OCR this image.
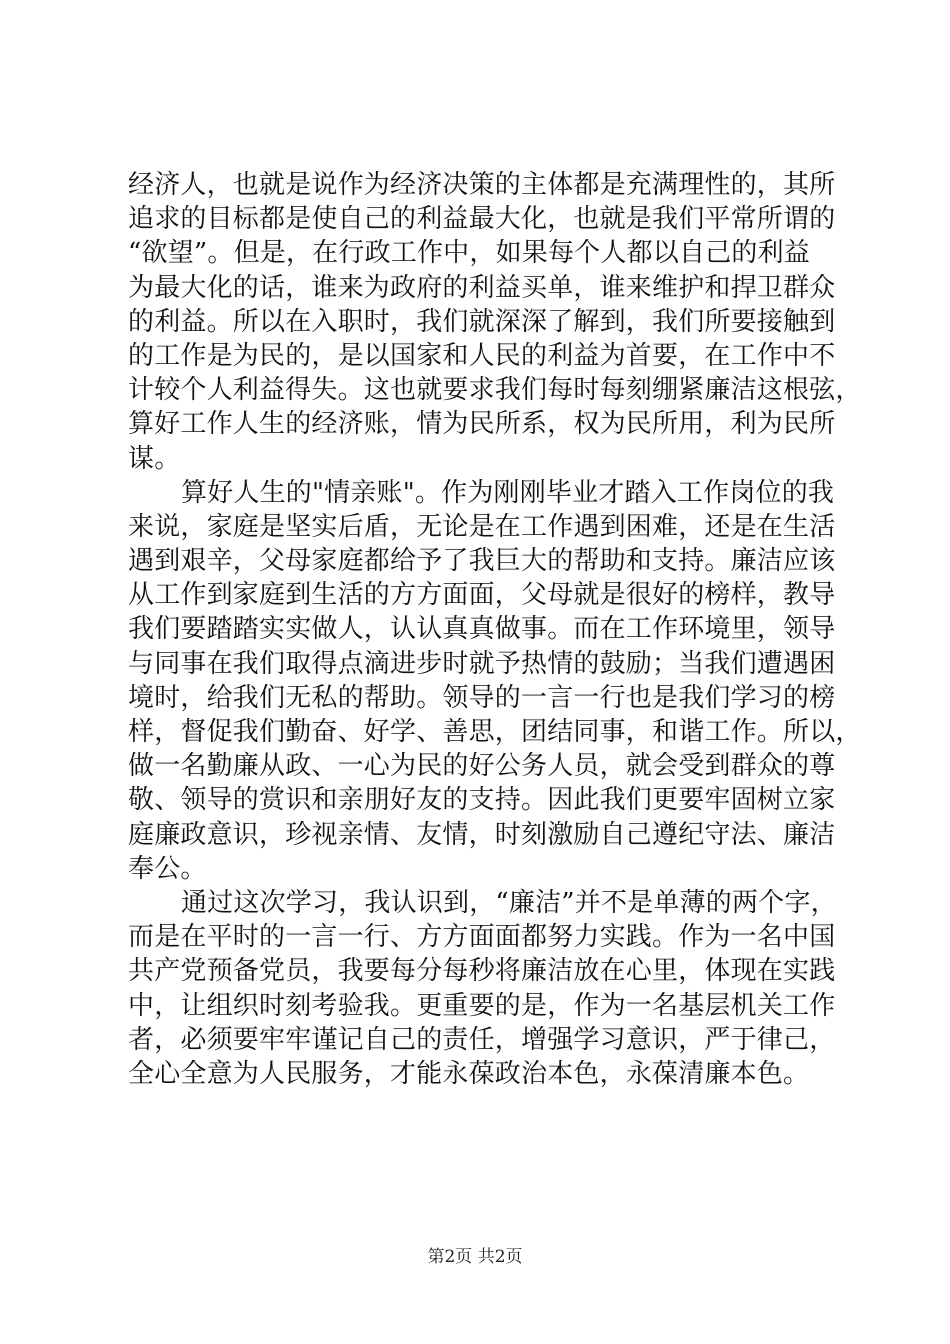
经济人，也就是说作为经济决策的主体都是充满理性的，其所
追求的目标都是使自己的利益最大化，也就是我们平常所谓的
“欲望”。但是，在行政工作中，如果每个人都以自己的利益
为最大化的话，谁来为政府的利益买单，谁来维护和捍卫群众
的利益。所以在入职时，我们就深深了解到，我们所要接触到
的工作是为民的，是以国家和人民的利益为首要，在工作中不
计较个人利益得失。这也就要求我们每时每刻绷紧廉洁这根弦，
算好工作人生的经济账，情为民所系，权为民所用，利为民所
谋。
算好人生的"情亲账"。作为刚刚毕业才踏入工作岗位的我
来说，家庭是坚实后盾，无论是在工作遇到困难，还是在生活
遇到艰辛，父母家庭都给予了我巨大的帮助和支持。廉洁应该
从工作到家庭到生活的方方面面，父母就是很好的榜样，教导
我们要踏踏实实做人，认认真真做事。而在工作环境里，领导
与同事在我们取得点滴进步时就予热情的鼓励；当我们遭遇困
境时，给我们无私的帮助。领导的一言一行也是我们学习的榜
样，督促我们勤奋、好学、善思，团结同事，和谐工作。所以，
做一名勤廉从政、一心为民的好公务人员，就会受到群众的尊
敬、领导的赏识和亲朋好友的支持。因此我们更要牢固树立家
庭廉政意识，珍视亲情、友情，时刻激励自己遵纪守法、廉洁
奉公。
通过这次学习，我认识到，“廉洁”并不是单薄的两个字，
而是在平时的一言一行、方方面面都努力实践。作为一名中国
共产党预备党员，我要每分每秒将廉洁放在心里，体现在实践
中，让组织时刻考验我。更重要的是，作为一名基层机关工作
者，必须要牢牢谨记自己的责任，增强学习意识，严于律己，
全心全意为人民服务，才能永葆政治本色，永葆清廉本色。
第2页 共2页
